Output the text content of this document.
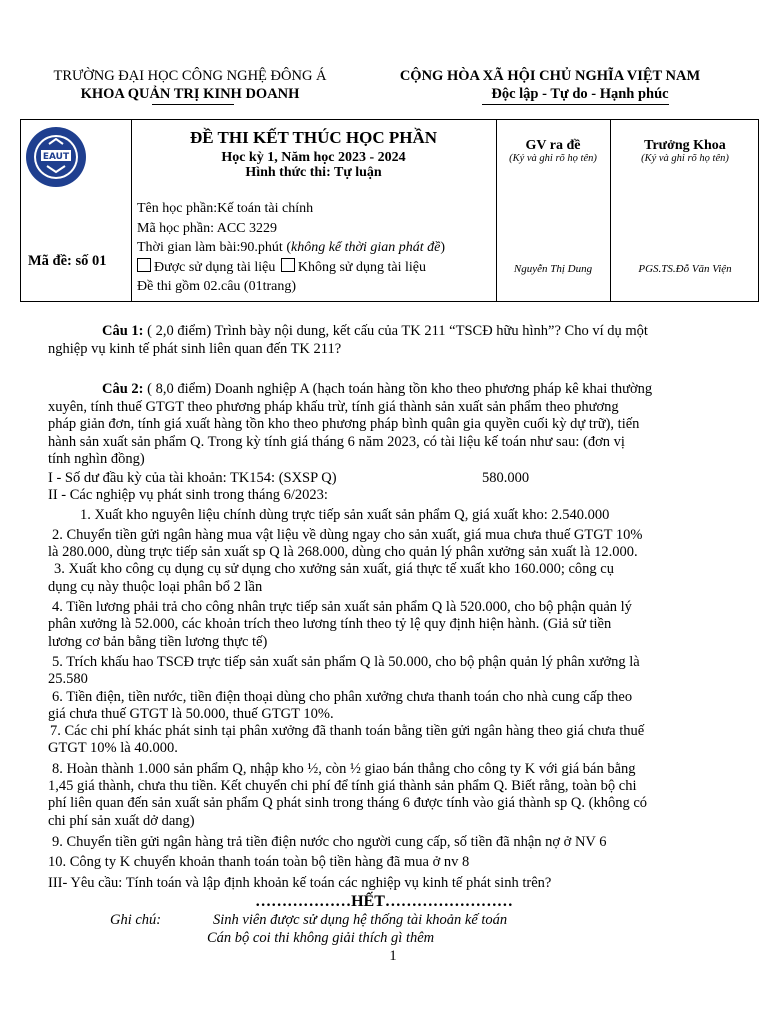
TRƯỜNG ĐẠI HỌC CÔNG NGHỆ ĐÔNG Á
KHOA QUẢN TRỊ KINH DOANH
CỘNG HÒA XÃ HỘI CHỦ NGHĨA VIỆT NAM
Độc lập - Tự do - Hạnh phúc
EAUT
Mã đề: số 01
ĐỀ THI KẾT THÚC HỌC PHẦN
Học kỳ 1, Năm học 2023 - 2024
Hình thức thi: Tự luận
Tên học phần:Kế toán tài chính
Mã học phần: ACC 3229
Thời gian làm bài:90.phút (không kể thời gian phát đề)
Được sử dụng tài liệu Không sử dụng tài liệu
Đề thi gồm 02.câu (01trang)
GV ra đề
(Ký và ghi rõ họ tên)
Nguyễn Thị Dung
Trưởng Khoa
(Ký và ghi rõ họ tên)
PGS.TS.Đỗ Văn Viện
Câu 1: ( 2,0 điểm) Trình bày nội dung, kết cấu của TK 211 “TSCĐ hữu hình”? Cho ví dụ một
nghiệp vụ kinh tế phát sinh liên quan đến TK 211?
Câu 2: ( 8,0 điểm) Doanh nghiệp A (hạch toán hàng tồn kho theo phương pháp kê khai thường
xuyên, tính thuế GTGT theo phương pháp khấu trừ, tính giá thành sản xuất sản phẩm theo phương
pháp giản đơn, tính giá xuất hàng tồn kho theo phương pháp bình quân gia quyền cuối kỳ dự trữ), tiến
hành sản xuất sản phẩm Q. Trong kỳ tính giá tháng 6 năm 2023, có tài liệu kế toán như sau: (đơn vị
tính nghìn đồng)
I - Số dư đầu kỳ của tài khoản: TK154: (SXSP Q)	580.000
II - Các nghiệp vụ phát sinh trong tháng 6/2023:
1. Xuất kho nguyên liệu chính dùng trực tiếp sản xuất sản phẩm Q, giá xuất kho: 2.540.000
2. Chuyển tiền gửi ngân hàng mua vật liệu về dùng ngay cho sản xuất, giá mua chưa thuế GTGT 10%
là 280.000, dùng trực tiếp sản xuất sp Q là 268.000, dùng cho quản lý phân xưởng sản xuất là 12.000.
3. Xuất kho công cụ dụng cụ sử dụng cho xưởng sản xuất, giá thực tế xuất kho 160.000; công cụ
dụng cụ này thuộc loại phân bổ 2 lần
4. Tiền lương phải trả cho công nhân trực tiếp sản xuất sản phẩm Q là 520.000, cho bộ phận quản lý
phân xưởng là 52.000, các khoản trích theo lương tính theo tỷ lệ quy định hiện hành. (Giả sử tiền
lương cơ bản bằng tiền lương thực tế)
5. Trích khấu hao TSCĐ trực tiếp sản xuất sản phẩm Q là 50.000, cho bộ phận quản lý phân xưởng là
25.580
6. Tiền điện, tiền nước, tiền điện thoại dùng cho phân xưởng chưa thanh toán cho nhà cung cấp theo
giá chưa thuế GTGT là 50.000, thuế GTGT 10%.
7. Các chi phí khác phát sinh tại phân xưởng đã thanh toán bằng tiền gửi ngân hàng theo giá chưa thuế
GTGT 10% là 40.000.
8. Hoàn thành 1.000 sản phẩm Q, nhập kho ½, còn ½ giao bán thẳng cho công ty K với giá bán bằng
1,45 giá thành, chưa thu tiền. Kết chuyển chi phí để tính giá thành sản phẩm Q. Biết rằng, toàn bộ chi
phí liên quan đến sản xuất sản phẩm Q phát sinh trong tháng 6 được tính vào giá thành sp Q. (không có
chi phí sản xuất dở dang)
9. Chuyển tiền gửi ngân hàng trả tiền điện nước cho người cung cấp, số tiền đã nhận nợ ở NV 6
10. Công ty K chuyển khoản thanh toán toàn bộ tiền hàng đã mua ở nv 8
III- Yêu cầu: Tính toán và lập định khoản kế toán các nghiệp vụ kinh tế phát sinh trên?
………………HẾT……………………
Ghi chú:	Sinh viên được sử dụng hệ thống tài khoản kế toán
Cán bộ coi thi không giải thích gì thêm
1
